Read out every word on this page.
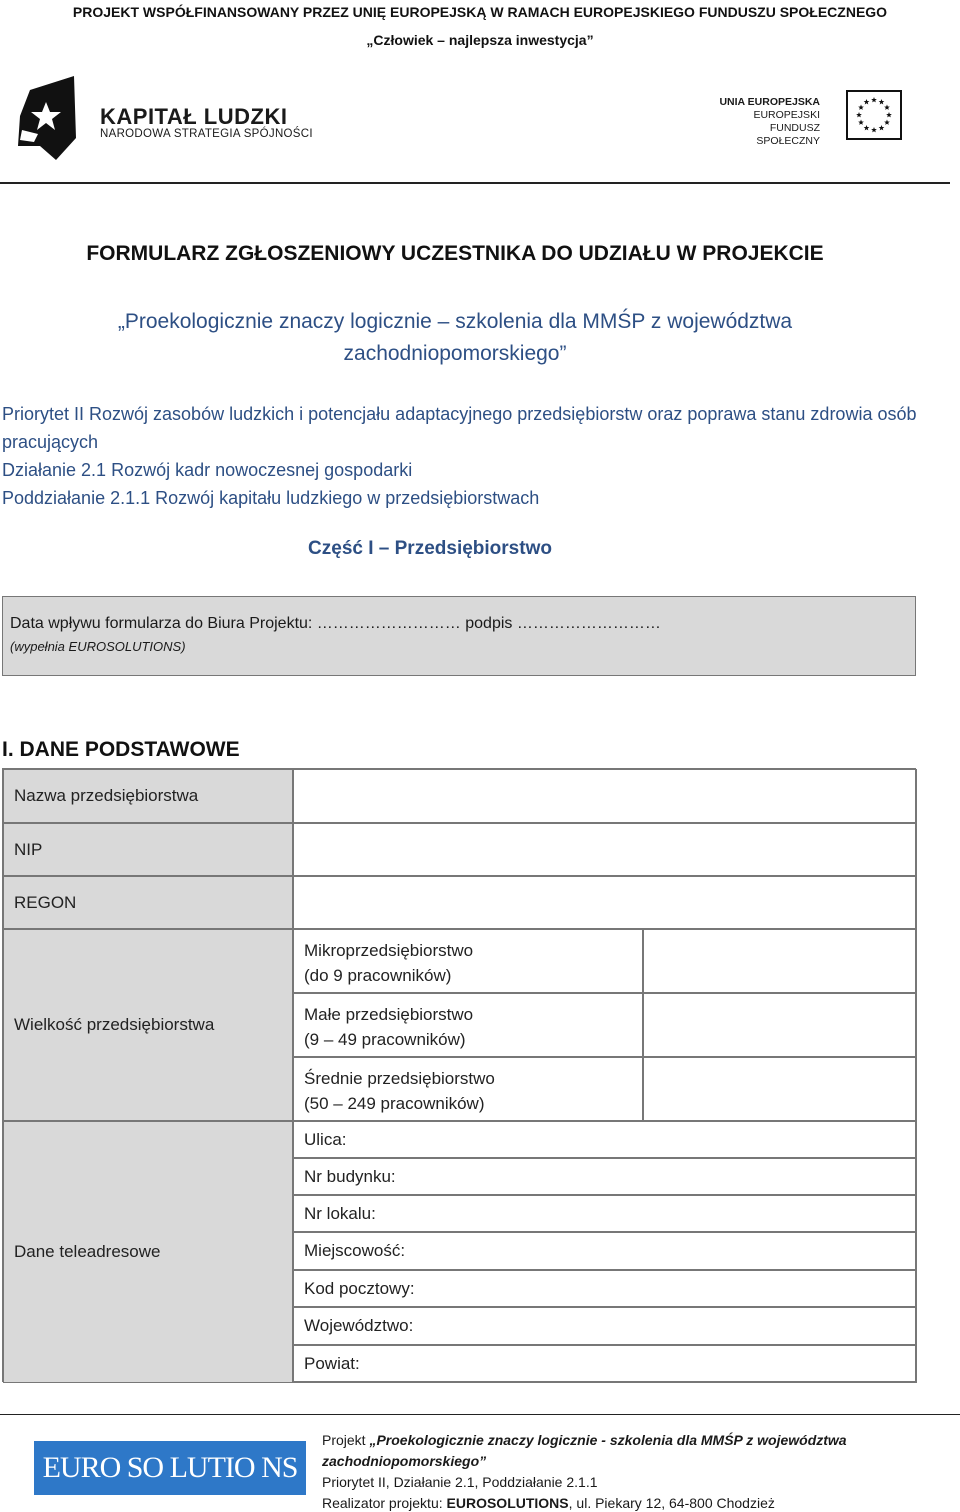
PROJEKT WSPÓŁFINANSOWANY PRZEZ UNIĘ EUROPEJSKĄ W RAMACH EUROPEJSKIEGO FUNDUSZU SPOŁECZNEGO
„Człowiek – najlepsza inwestycja”
KAPITAŁ LUDZKI
NARODOWA STRATEGIA SPÓJNOŚCI
UNIA EUROPEJSKA
EUROPEJSKI
FUNDUSZ SPOŁECZNY
FORMULARZ ZGŁOSZENIOWY UCZESTNIKA DO UDZIAŁU W PROJEKCIE
„Proekologicznie znaczy logicznie – szkolenia dla MMŚP z województwa zachodniopomorskiego”
Priorytet II Rozwój zasobów ludzkich i potencjału adaptacyjnego przedsiębiorstw oraz poprawa stanu zdrowia osób pracujących
Działanie 2.1 Rozwój kadr nowoczesnej gospodarki
Poddziałanie 2.1.1 Rozwój kapitału ludzkiego w przedsiębiorstwach
Część I – Przedsiębiorstwo
Data wpływu formularza do Biura Projektu: ……………………… podpis ………………………
(wypełnia EUROSOLUTIONS)
I. DANE PODSTAWOWE
Nazwa przedsiębiorstwa
NIP
REGON
Wielkość przedsiębiorstwa
Mikroprzedsiębiorstwo
(do 9 pracowników)
Małe przedsiębiorstwo
(9 – 49 pracowników)
Średnie przedsiębiorstwo
(50 – 249 pracowników)
Dane teleadresowe
Ulica:
Nr budynku:
Nr lokalu:
Miejscowość:
Kod pocztowy:
Województwo:
Powiat:
EURO SO LUTIO NS
Projekt „Proekologicznie znaczy logicznie - szkolenia dla MMŚP z województwa zachodniopomorskiego”
Priorytet II, Działanie 2.1, Poddziałanie 2.1.1
Realizator projektu: EUROSOLUTIONS, ul. Piekary 12, 64-800 Chodzież
